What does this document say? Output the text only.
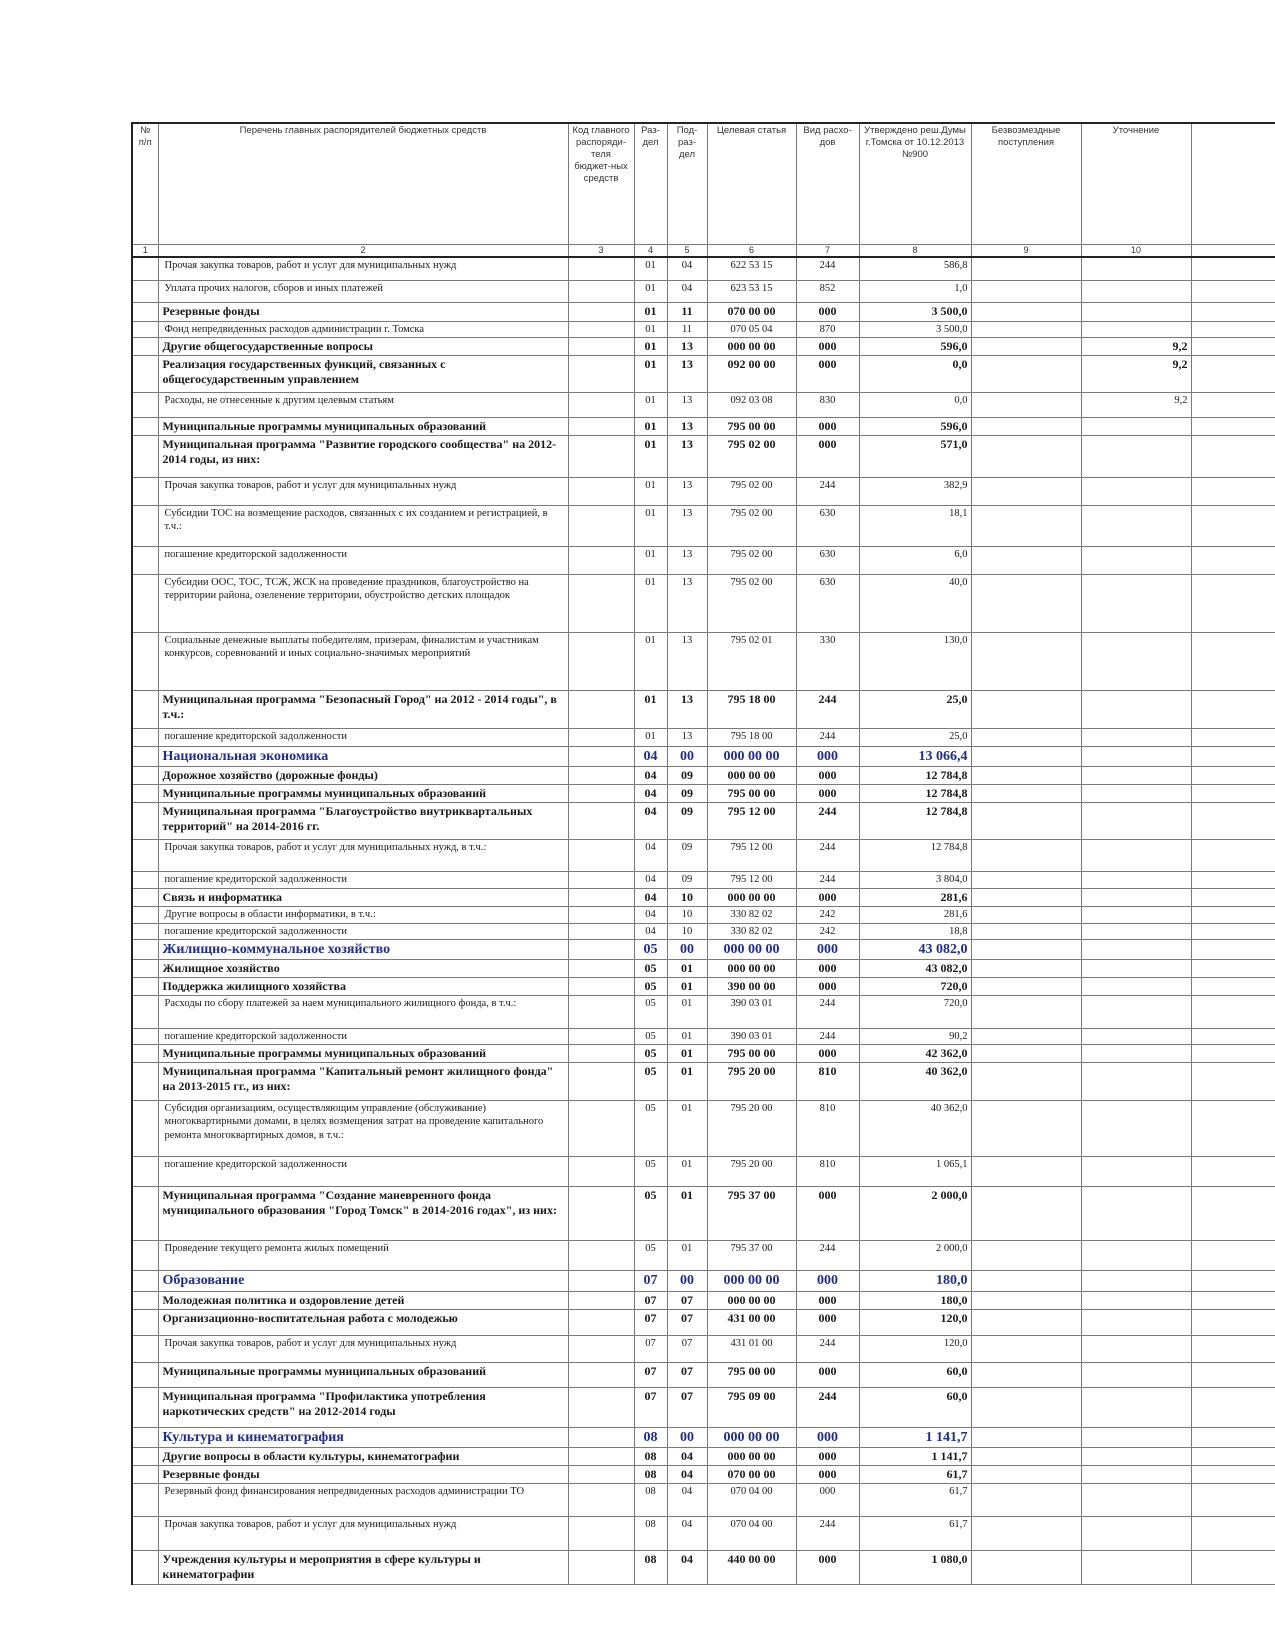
№ п/п	Перечень главных распорядителей бюджетных средств	Код главного распоряди-теля бюджет-ных средств	Раз-дел	Под-раз-дел	Целевая статья	Вид расхо-дов	Утверждено реш.Думы г.Томска от 10.12.2013 №900	Безвозмездные поступления	Уточнение	
1	2	3	4	5	6	7	8	9	10	
	Прочая закупка товаров, работ и услуг для муниципальных нужд		01	04	622 53 15	244	586,8			
	Уплата прочих налогов, сборов и иных платежей		01	04	623 53 15	852	1,0			
	Резервные фонды		01	11	070 00 00	000	3 500,0			
	Фонд непредвиденных расходов администрации г. Томска		01	11	070 05 04	870	3 500,0			
	Другие общегосударственные вопросы		01	13	000 00 00	000	596,0		9,2	
	Реализация государственных функций, связанных с общегосударственным управлением		01	13	092 00 00	000	0,0		9,2	
	Расходы, не отнесенные к другим целевым статьям		01	13	092 03 08	830	0,0		9,2	
	Муниципальные программы муниципальных образований		01	13	795 00 00	000	596,0			
	Муниципальная программа "Развитие городского сообщества" на 2012-2014 годы, из них:		01	13	795 02 00	000	571,0			
	Прочая закупка товаров, работ и услуг для муниципальных нужд		01	13	795 02 00	244	382,9			
	Субсидии ТОС на возмещение расходов, связанных с их созданием и регистрацией, в т.ч.:		01	13	795 02 00	630	18,1			
	погашение кредиторской задолженности		01	13	795 02 00	630	6,0			
	Субсидии ООС, ТОС, ТСЖ, ЖСК на проведение праздников, благоустройство на территории района, озеленение территории, обустройство детских площадок		01	13	795 02 00	630	40,0			
	Социальные денежные выплаты победителям, призерам, финалистам и участникам конкурсов, соревнований и иных социально-значимых мероприятий		01	13	795 02 01	330	130,0			
	Муниципальная программа "Безопасный Город" на 2012 - 2014 годы", в т.ч.:		01	13	795 18 00	244	25,0			
	погашение кредиторской задолженности		01	13	795 18 00	244	25,0			
	Национальная экономика		04	00	000 00 00	000	13 066,4			
	Дорожное хозяйство (дорожные фонды)		04	09	000 00 00	000	12 784,8			
	Муниципальные программы муниципальных образований		04	09	795 00 00	000	12 784,8			
	Муниципальная программа "Благоустройство внутриквартальных территорий" на 2014-2016 гг.		04	09	795 12 00	244	12 784,8			
	Прочая закупка товаров, работ и услуг для муниципальных нужд, в т.ч.:		04	09	795 12 00	244	12 784,8			
	погашение кредиторской задолженности		04	09	795 12 00	244	3 804,0			
	Связь и информатика		04	10	000 00 00	000	281,6			
	Другие вопросы в области информатики, в т.ч.:		04	10	330 82 02	242	281,6			
	погашение кредиторской задолженности		04	10	330 82 02	242	18,8			
	Жилищно-коммунальное хозяйство		05	00	000 00 00	000	43 082,0			
	Жилищное хозяйство		05	01	000 00 00	000	43 082,0			
	Поддержка жилищного хозяйства		05	01	390 00 00	000	720,0			
	Расходы по сбору платежей за наем муниципального жилищного фонда, в т.ч.:		05	01	390 03 01	244	720,0			
	погашение кредиторской задолженности		05	01	390 03 01	244	90,2			
	Муниципальные программы муниципальных образований		05	01	795 00 00	000	42 362,0			
	Муниципальная программа "Капитальный ремонт жилищного фонда" на 2013-2015 гг., из них:		05	01	795 20 00	810	40 362,0			
	Субсидия организациям, осуществляющим управление (обслуживание) многоквартирными домами, в целях возмещения затрат на проведение капитального ремонта многоквартирных домов, в т.ч.:		05	01	795 20 00	810	40 362,0			
	погашение кредиторской задолженности		05	01	795 20 00	810	1 065,1			
	Муниципальная программа "Создание маневренного фонда муниципального образования "Город Томск" в 2014-2016 годах", из них:		05	01	795 37 00	000	2 000,0			
	Проведение текущего ремонта жилых помещений		05	01	795 37 00	244	2 000,0			
	Образование		07	00	000 00 00	000	180,0			
	Молодежная политика и оздоровление детей		07	07	000 00 00	000	180,0			
	Организационно-воспитательная работа с молодежью		07	07	431 00 00	000	120,0			
	Прочая закупка товаров, работ и услуг для муниципальных нужд		07	07	431 01 00	244	120,0			
	Муниципальные программы муниципальных образований		07	07	795 00 00	000	60,0			
	Муниципальная программа "Профилактика употребления наркотических средств" на 2012-2014 годы		07	07	795 09 00	244	60,0			
	Культура и кинематография		08	00	000 00 00	000	1 141,7			
	Другие вопросы в области культуры, кинематографии		08	04	000 00 00	000	1 141,7			
	Резервные фонды		08	04	070 00 00	000	61,7			
	Резервный фонд финансирования непредвиденных расходов администрации ТО		08	04	070 04 00	000	61,7			
	Прочая закупка товаров, работ и услуг для муниципальных нужд		08	04	070 04 00	244	61,7			
	Учреждения культуры и мероприятия в сфере культуры и кинематографии		08	04	440 00 00	000	1 080,0			
